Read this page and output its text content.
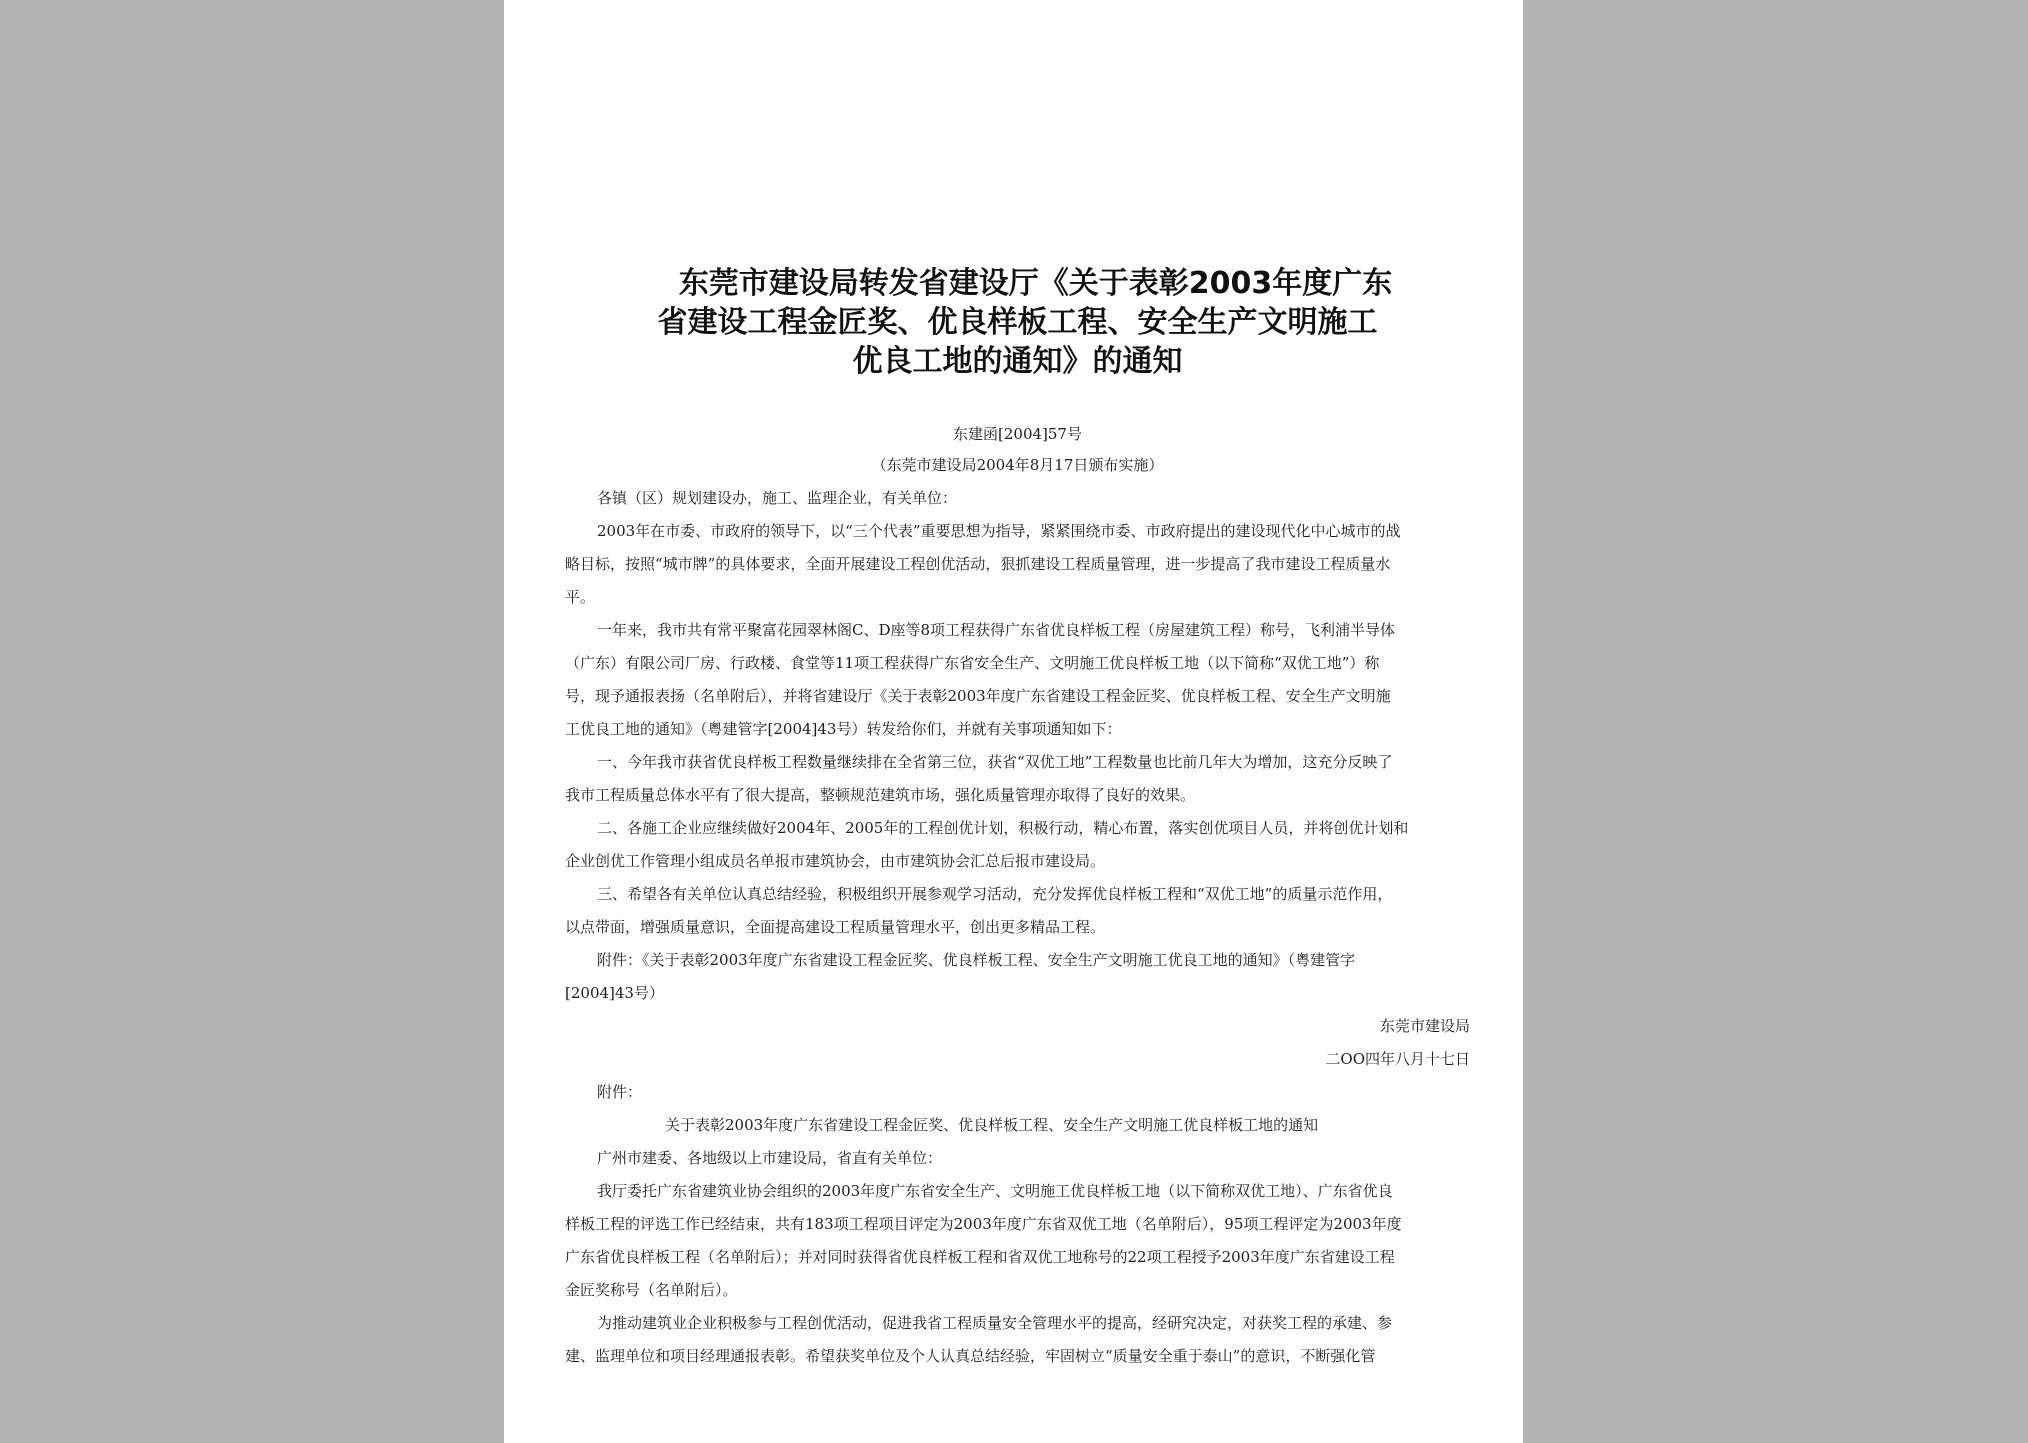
东莞市建设局转发省建设厅《关于表彰2003年度广东
省建设工程金匠奖、优良样板工程、安全生产文明施工
优良工地的通知》的通知

东建函[2004]57号

（东莞市建设局2004年8月17日颁布实施）

各镇（区）规划建设办，施工、监理企业，有关单位：

2003年在市委、市政府的领导下，以“三个代表”重要思想为指导，紧紧围绕市委、市政府提出的建设现代化中心城市的战

略目标，按照“城市牌”的具体要求，全面开展建设工程创优活动，狠抓建设工程质量管理，进一步提高了我市建设工程质量水

平。

一年来，我市共有常平聚富花园翠林阁C、D座等8项工程获得广东省优良样板工程（房屋建筑工程）称号，飞利浦半导体

（广东）有限公司厂房、行政楼、食堂等11项工程获得广东省安全生产、文明施工优良样板工地（以下简称“双优工地”）称

号，现予通报表扬（名单附后），并将省建设厅《关于表彰2003年度广东省建设工程金匠奖、优良样板工程、安全生产文明施

工优良工地的通知》（粤建管字[2004]43号）转发给你们，并就有关事项通知如下：

一、今年我市获省优良样板工程数量继续排在全省第三位，获省“双优工地”工程数量也比前几年大为增加，这充分反映了

我市工程质量总体水平有了很大提高，整顿规范建筑市场，强化质量管理亦取得了良好的效果。

二、各施工企业应继续做好2004年、2005年的工程创优计划，积极行动，精心布置，落实创优项目人员，并将创优计划和

企业创优工作管理小组成员名单报市建筑协会，由市建筑协会汇总后报市建设局。

三、希望各有关单位认真总结经验，积极组织开展参观学习活动，充分发挥优良样板工程和“双优工地”的质量示范作用，

以点带面，增强质量意识，全面提高建设工程质量管理水平，创出更多精品工程。

附件：《关于表彰2003年度广东省建设工程金匠奖、优良样板工程、安全生产文明施工优良工地的通知》（粤建管字

[2004]43号）

东莞市建设局

二OO四年八月十七日

附件：

关于表彰2003年度广东省建设工程金匠奖、优良样板工程、安全生产文明施工优良样板工地的通知

广州市建委、各地级以上市建设局，省直有关单位：

我厅委托广东省建筑业协会组织的2003年度广东省安全生产、文明施工优良样板工地（以下简称双优工地）、广东省优良

样板工程的评选工作已经结束，共有183项工程项目评定为2003年度广东省双优工地（名单附后），95项工程评定为2003年度

广东省优良样板工程（名单附后）；并对同时获得省优良样板工程和省双优工地称号的22项工程授予2003年度广东省建设工程

金匠奖称号（名单附后）。

为推动建筑业企业积极参与工程创优活动，促进我省工程质量安全管理水平的提高，经研究决定，对获奖工程的承建、参

建、监理单位和项目经理通报表彰。希望获奖单位及个人认真总结经验，牢固树立“质量安全重于泰山”的意识，不断强化管
